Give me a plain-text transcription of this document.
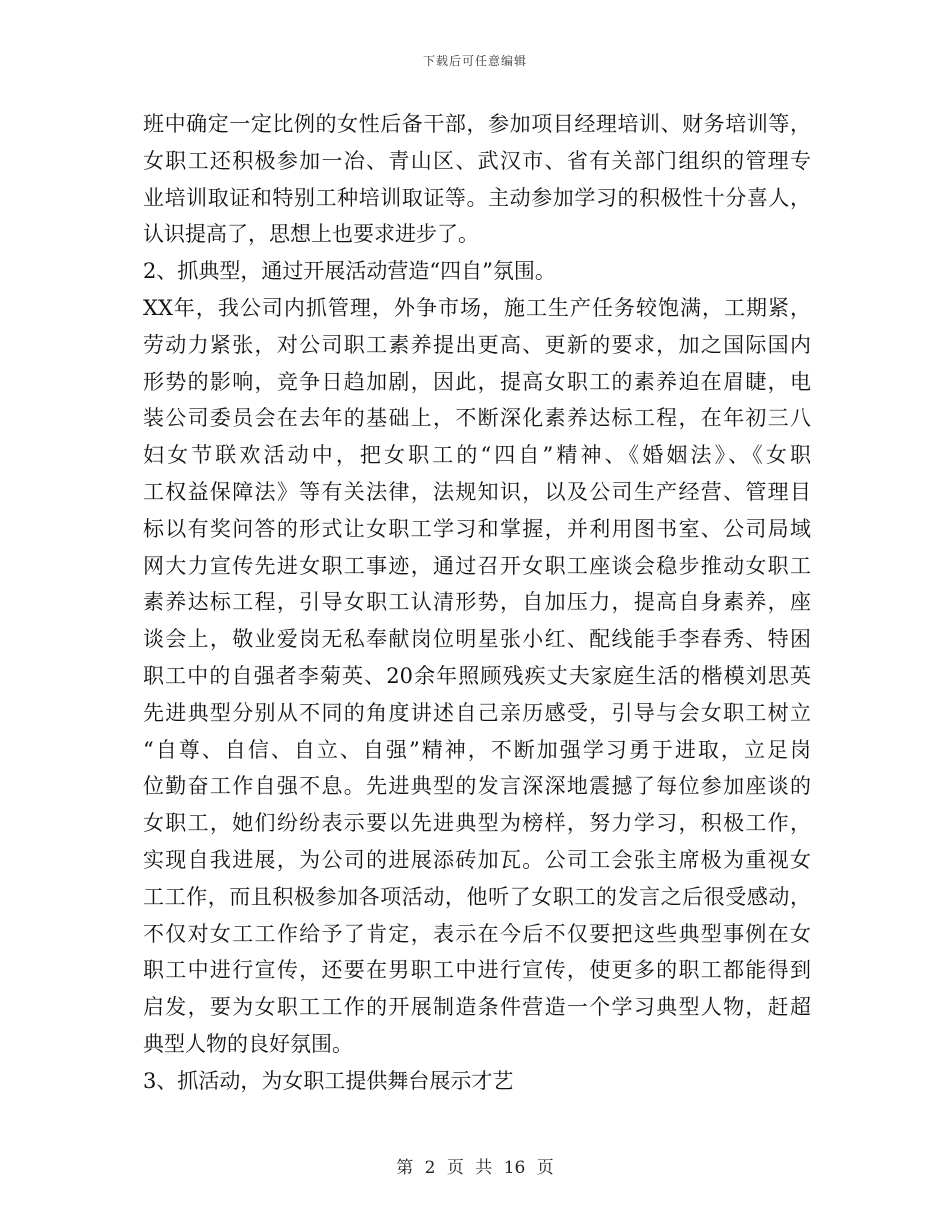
下载后可任意编辑
班中确定一定比例的女性后备干部，参加项目经理培训、财务培训等，
女职工还积极参加一冶、青山区、武汉市、省有关部门组织的管理专
业培训取证和特别工种培训取证等。主动参加学习的积极性十分喜人，
认识提高了，思想上也要求进步了。
2、抓典型，通过开展活动营造“四自”氛围。
XX年，我公司内抓管理，外争市场，施工生产任务较饱满，工期紧，
劳动力紧张，对公司职工素养提出更高、更新的要求，加之国际国内
形势的影响，竞争日趋加剧，因此，提高女职工的素养迫在眉睫，电
装公司委员会在去年的基础上，不断深化素养达标工程，在年初三八
妇女节联欢活动中，把女职工的“四自”精神、《婚姻法》、《女职
工权益保障法》等有关法律，法规知识，以及公司生产经营、管理目
标以有奖问答的形式让女职工学习和掌握，并利用图书室、公司局域
网大力宣传先进女职工事迹，通过召开女职工座谈会稳步推动女职工
素养达标工程，引导女职工认清形势，自加压力，提高自身素养，座
谈会上，敬业爱岗无私奉献岗位明星张小红、配线能手李春秀、特困
职工中的自强者李菊英、20余年照顾残疾丈夫家庭生活的楷模刘思英
先进典型分别从不同的角度讲述自己亲历感受，引导与会女职工树立
“自尊、自信、自立、自强”精神，不断加强学习勇于进取，立足岗
位勤奋工作自强不息。先进典型的发言深深地震撼了每位参加座谈的
女职工，她们纷纷表示要以先进典型为榜样，努力学习，积极工作，
实现自我进展，为公司的进展添砖加瓦。公司工会张主席极为重视女
工工作，而且积极参加各项活动，他听了女职工的发言之后很受感动，
不仅对女工工作给予了肯定，表示在今后不仅要把这些典型事例在女
职工中进行宣传，还要在男职工中进行宣传，使更多的职工都能得到
启发，要为女职工工作的开展制造条件营造一个学习典型人物，赶超
典型人物的良好氛围。
3、抓活动，为女职工提供舞台展示才艺
第 2 页 共 16 页
